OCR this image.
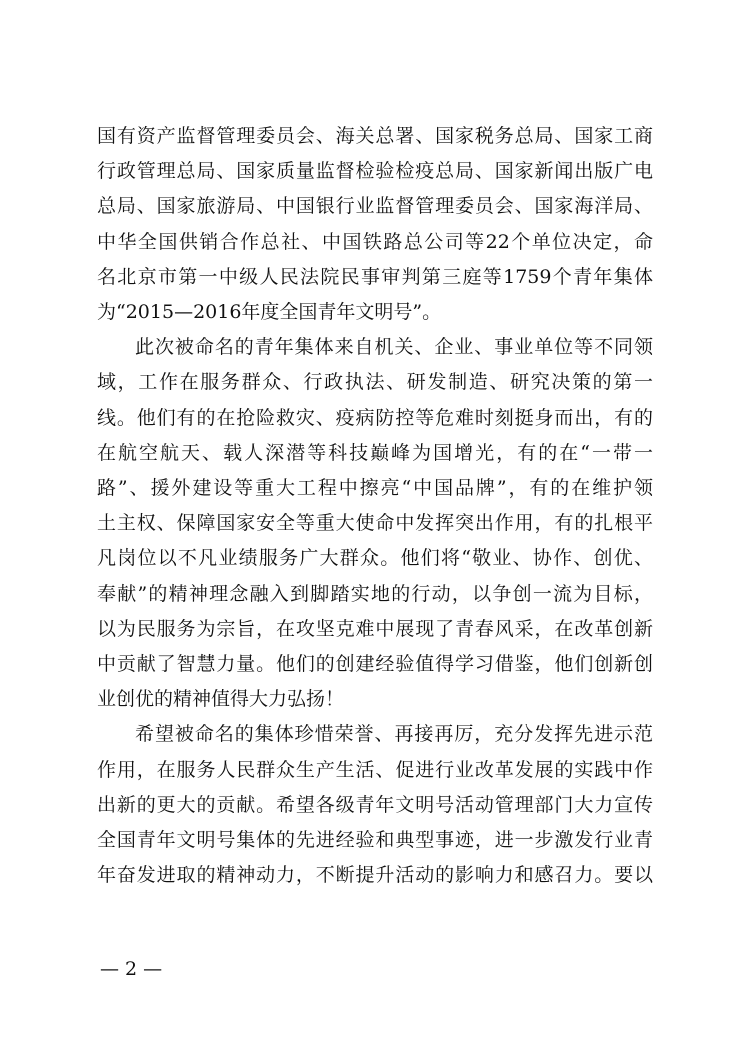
国有资产监督管理委员会、海关总署、国家税务总局、国家工商
行政管理总局、国家质量监督检验检疫总局、国家新闻出版广电
总局、国家旅游局、中国银行业监督管理委员会、国家海洋局、
中华全国供销合作总社、中国铁路总公司等22个单位决定，命
名北京市第一中级人民法院民事审判第三庭等1759个青年集体
为“2015—2016年度全国青年文明号”。
此次被命名的青年集体来自机关、企业、事业单位等不同领
域，工作在服务群众、行政执法、研发制造、研究决策的第一
线。他们有的在抢险救灾、疫病防控等危难时刻挺身而出，有的
在航空航天、载人深潜等科技巅峰为国增光，有的在“一带一
路”、援外建设等重大工程中擦亮“中国品牌”，有的在维护领
土主权、保障国家安全等重大使命中发挥突出作用，有的扎根平
凡岗位以不凡业绩服务广大群众。他们将“敬业、协作、创优、
奉献”的精神理念融入到脚踏实地的行动，以争创一流为目标，
以为民服务为宗旨，在攻坚克难中展现了青春风采，在改革创新
中贡献了智慧力量。他们的创建经验值得学习借鉴，他们创新创
业创优的精神值得大力弘扬！
希望被命名的集体珍惜荣誉、再接再厉，充分发挥先进示范
作用，在服务人民群众生产生活、促进行业改革发展的实践中作
出新的更大的贡献。希望各级青年文明号活动管理部门大力宣传
全国青年文明号集体的先进经验和典型事迹，进一步激发行业青
年奋发进取的精神动力，不断提升活动的影响力和感召力。要以
— 2 —
